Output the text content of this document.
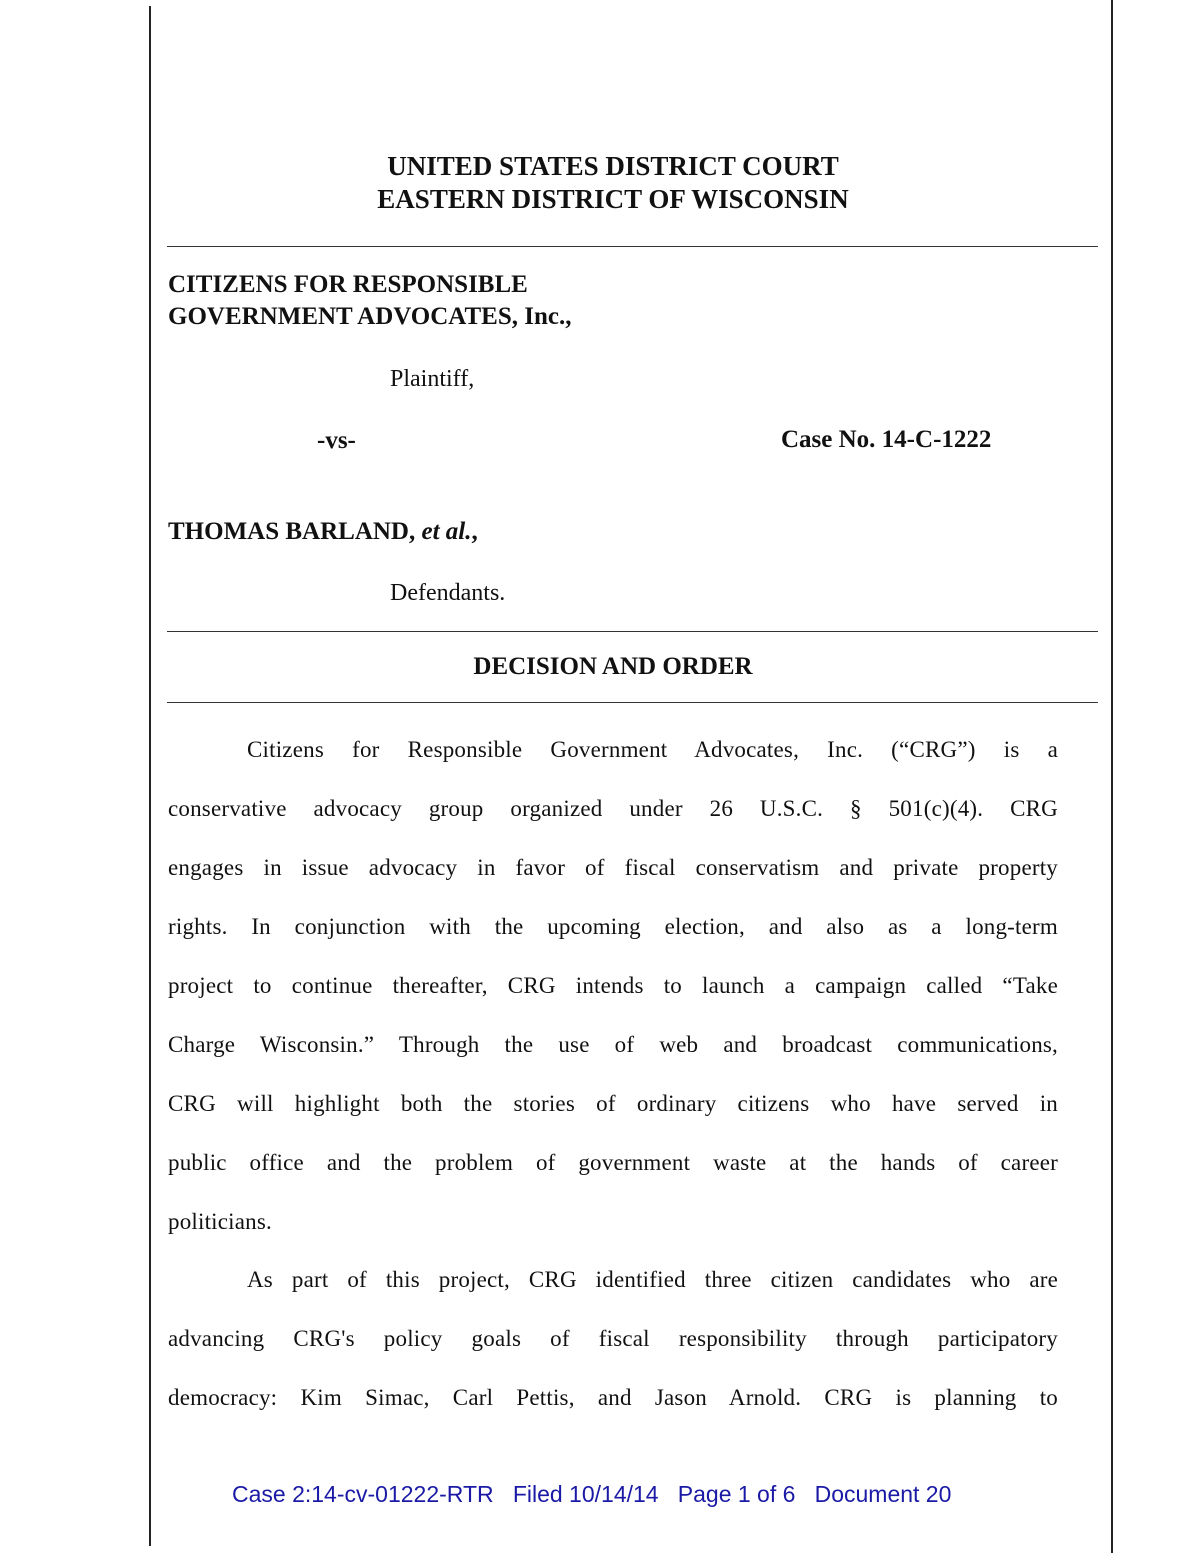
UNITED STATES DISTRICT COURT
EASTERN DISTRICT OF WISCONSIN
CITIZENS FOR RESPONSIBLE
GOVERNMENT ADVOCATES, Inc.,
Plaintiff,
-vs-	Case No. 14-C-1222
THOMAS BARLAND, et al.,
Defendants.
DECISION AND ORDER
Citizens for Responsible Government Advocates, Inc. (“CRG”) is a
conservative advocacy group organized under 26 U.S.C. § 501(c)(4). CRG
engages in issue advocacy in favor of fiscal conservatism and private property
rights. In conjunction with the upcoming election, and also as a long-term
project to continue thereafter, CRG intends to launch a campaign called “Take
Charge Wisconsin.” Through the use of web and broadcast communications,
CRG will highlight both the stories of ordinary citizens who have served in
public office and the problem of government waste at the hands of career
politicians.
As part of this project, CRG identified three citizen candidates who are
advancing CRG's policy goals of fiscal responsibility through participatory
democracy: Kim Simac, Carl Pettis, and Jason Arnold. CRG is planning to
Case 2:14-cv-01222-RTR Filed 10/14/14 Page 1 of 6 Document 20
